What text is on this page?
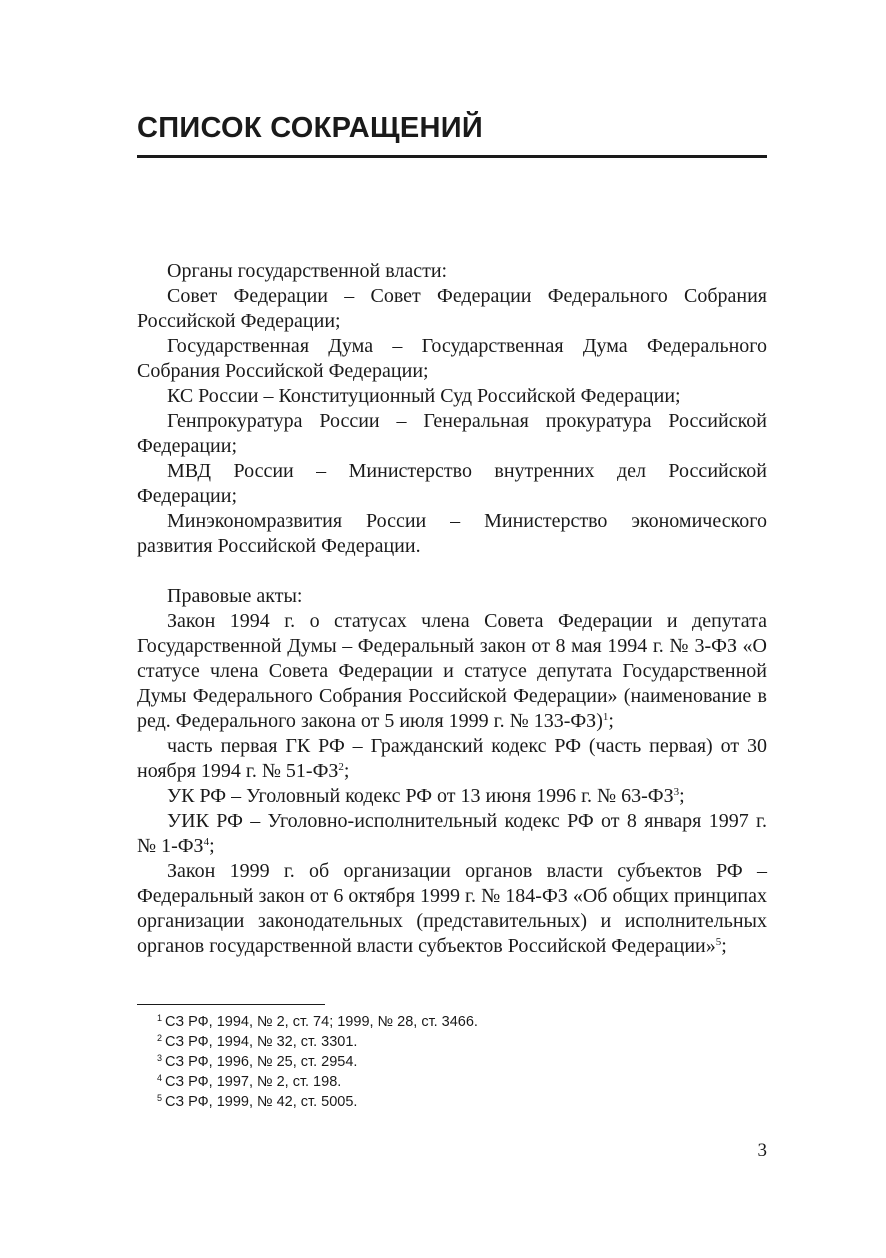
СПИСОК СОКРАЩЕНИЙ

Органы государственной власти:

Совет Федерации – Совет Федерации Федерального Собрания Российской Федерации;

Государственная Дума – Государственная Дума Федерального Собрания Российской Федерации;

КС России – Конституционный Суд Российской Федерации;

Генпрокуратура России – Генеральная прокуратура Российской Федерации;

МВД России – Министерство внутренних дел Российской Федерации;

Минэкономразвития России – Министерство экономического развития Российской Федерации.

Правовые акты:

Закон 1994 г. о статусах члена Совета Федерации и депутата Государственной Думы – Федеральный закон от 8 мая 1994 г. № 3-ФЗ «О статусе члена Совета Федерации и статусе депутата Государственной Думы Федерального Собрания Российской Федерации» (наименование в ред. Федерального закона от 5 июля 1999 г. № 133-ФЗ)$^1$;

часть первая ГК РФ – Гражданский кодекс РФ (часть первая) от 30 ноября 1994 г. № $51-ФЗ^2$;

УК РФ – Уголовный кодекс РФ от 13 июня 1996 г. № $63-ФЗ^3$;

УИК РФ – Уголовно-исполнительный кодекс РФ от 8 января 1997 г. № $1-ФЗ^4$;

Закон 1999 г. об организации органов власти субъектов РФ – Федеральный закон от 6 октября 1999 г. № 184-ФЗ «Об общих принципах организации законодательных (представительных) и исполнительных органов государственной власти субъектов Российской Федерации»$^5$;

$^1$ СЗ РФ, 1994, № 2, ст. 74; 1999, № 28, ст. 3466.
$^2$ СЗ РФ, 1994, № 32, ст. 3301.
$^3$ СЗ РФ, 1996, № 25, ст. 2954.
$^4$ СЗ РФ, 1997, № 2, ст. 198.
$^5$ СЗ РФ, 1999, № 42, ст. 5005.
3
